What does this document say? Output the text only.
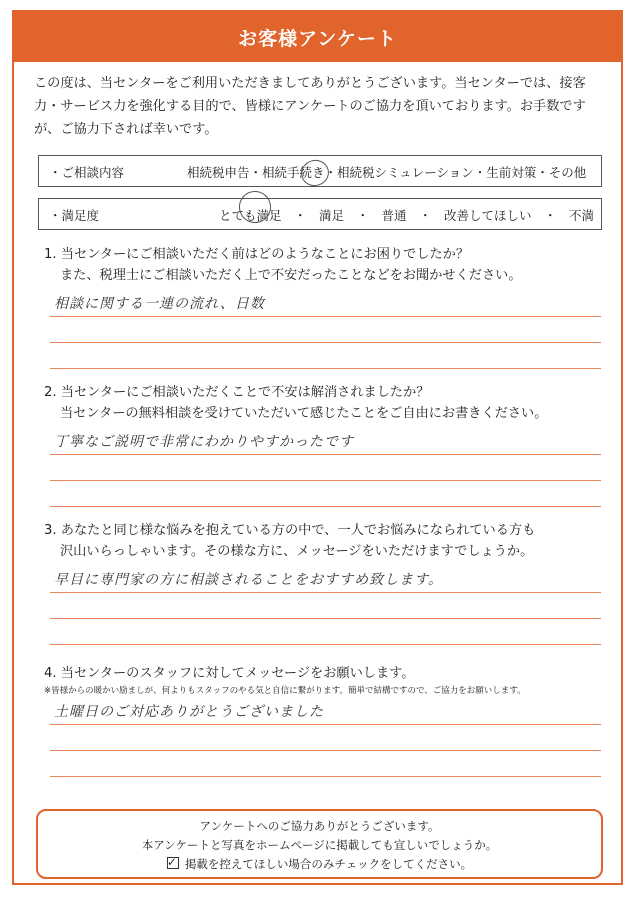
お客様アンケート
この度は、当センターをご利用いただきましてありがとうございます。当センターでは、接客力・サービス力を強化する目的で、皆様にアンケートのご協力を頂いております。お手数ですが、ご協力下されば幸いです。
・ご相談内容	相続税申告・相続手続き・相続税シミュレーション・生前対策・その他
・満足度	とても満足　・　満足　・　普通　・　改善してほしい　・　不満

1. 当センターにご相談いただく前はどのようなことにお困りでしたか？

また、税理士にご相談いただく上で不安だったことなどをお聞かせください。

相談に関する一連の流れ、日数

2. 当センターにご相談いただくことで不安は解消されましたか？

当センターの無料相談を受けていただいて感じたことをご自由にお書きください。

丁寧なご説明で非常にわかりやすかったです

3. あなたと同じ様な悩みを抱えている方の中で、一人でお悩みになられている方も

沢山いらっしゃいます。その様な方に、メッセージをいただけますでしょうか。

早目に専門家の方に相談されることをおすすめ致します。

4. 当センターのスタッフに対してメッセージをお願いします。

※皆様からの暖かい励ましが、何よりもスタッフのやる気と自信に繋がります。簡単で結構ですので、ご協力をお願いします。

土曜日のご対応ありがとうございました
アンケートへのご協力ありがとうございます。
本アンケートと写真をホームページに掲載しても宜しいでしょうか。
✓掲載を控えてほしい場合のみチェックをしてください。
